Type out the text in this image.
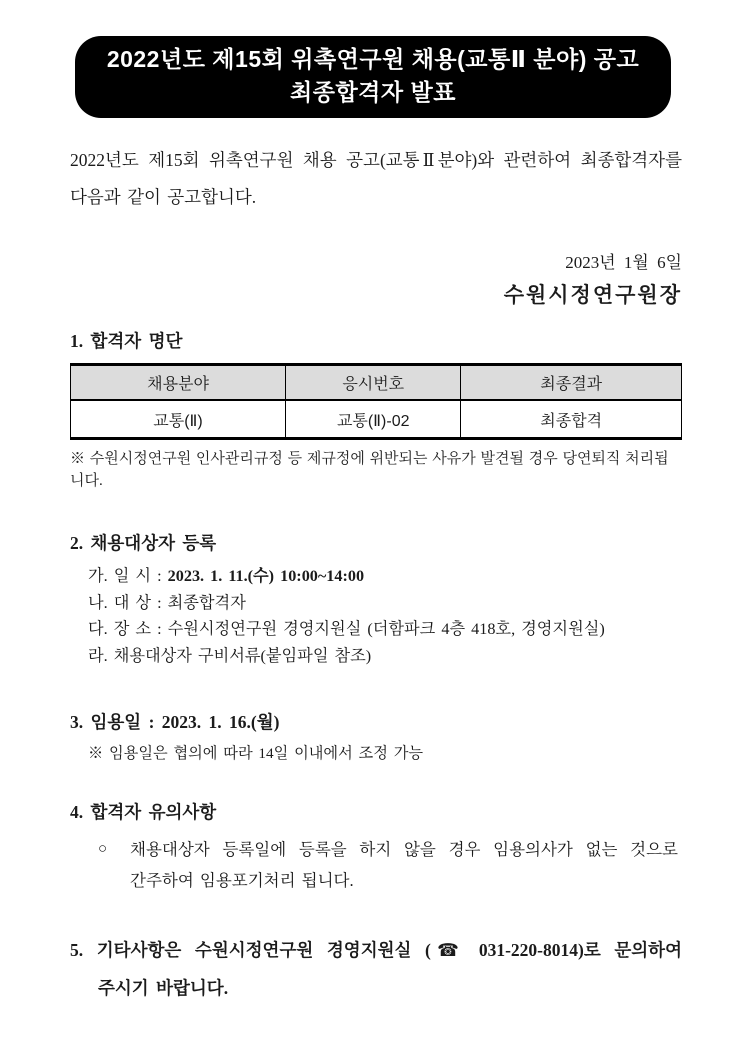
2022년도 제15회 위촉연구원 채용(교통Ⅱ 분야) 공고
최종합격자 발표
2022년도 제15회 위촉연구원 채용 공고(교통Ⅱ분야)와 관련하여 최종합격자를 다음과 같이 공고합니다.
2023년 1월 6일
수원시정연구원장
1. 합격자 명단
채용분야	응시번호	최종결과
교통(Ⅱ)	교통(Ⅱ)-02	최종합격
※ 수원시정연구원 인사관리규정 등 제규정에 위반되는 사유가 발견될 경우 당연퇴직 처리됩니다.
2. 채용대상자 등록
가. 일 시 : 2023. 1. 11.(수) 10:00~14:00
나. 대 상 : 최종합격자
다. 장 소 : 수원시정연구원 경영지원실 (더함파크 4층 418호, 경영지원실)
라. 채용대상자 구비서류(붙임파일 참조)
3. 임용일 : 2023. 1. 16.(월)
※ 임용일은 협의에 따라 14일 이내에서 조정 가능
4. 합격자 유의사항
○	채용대상자 등록일에 등록을 하지 않을 경우 임용의사가 없는 것으로 간주하여 임용포기처리 됩니다.
5. 기타사항은 수원시정연구원 경영지원실 (☎ 031-220-8014)로 문의하여 주시기 바랍니다.
